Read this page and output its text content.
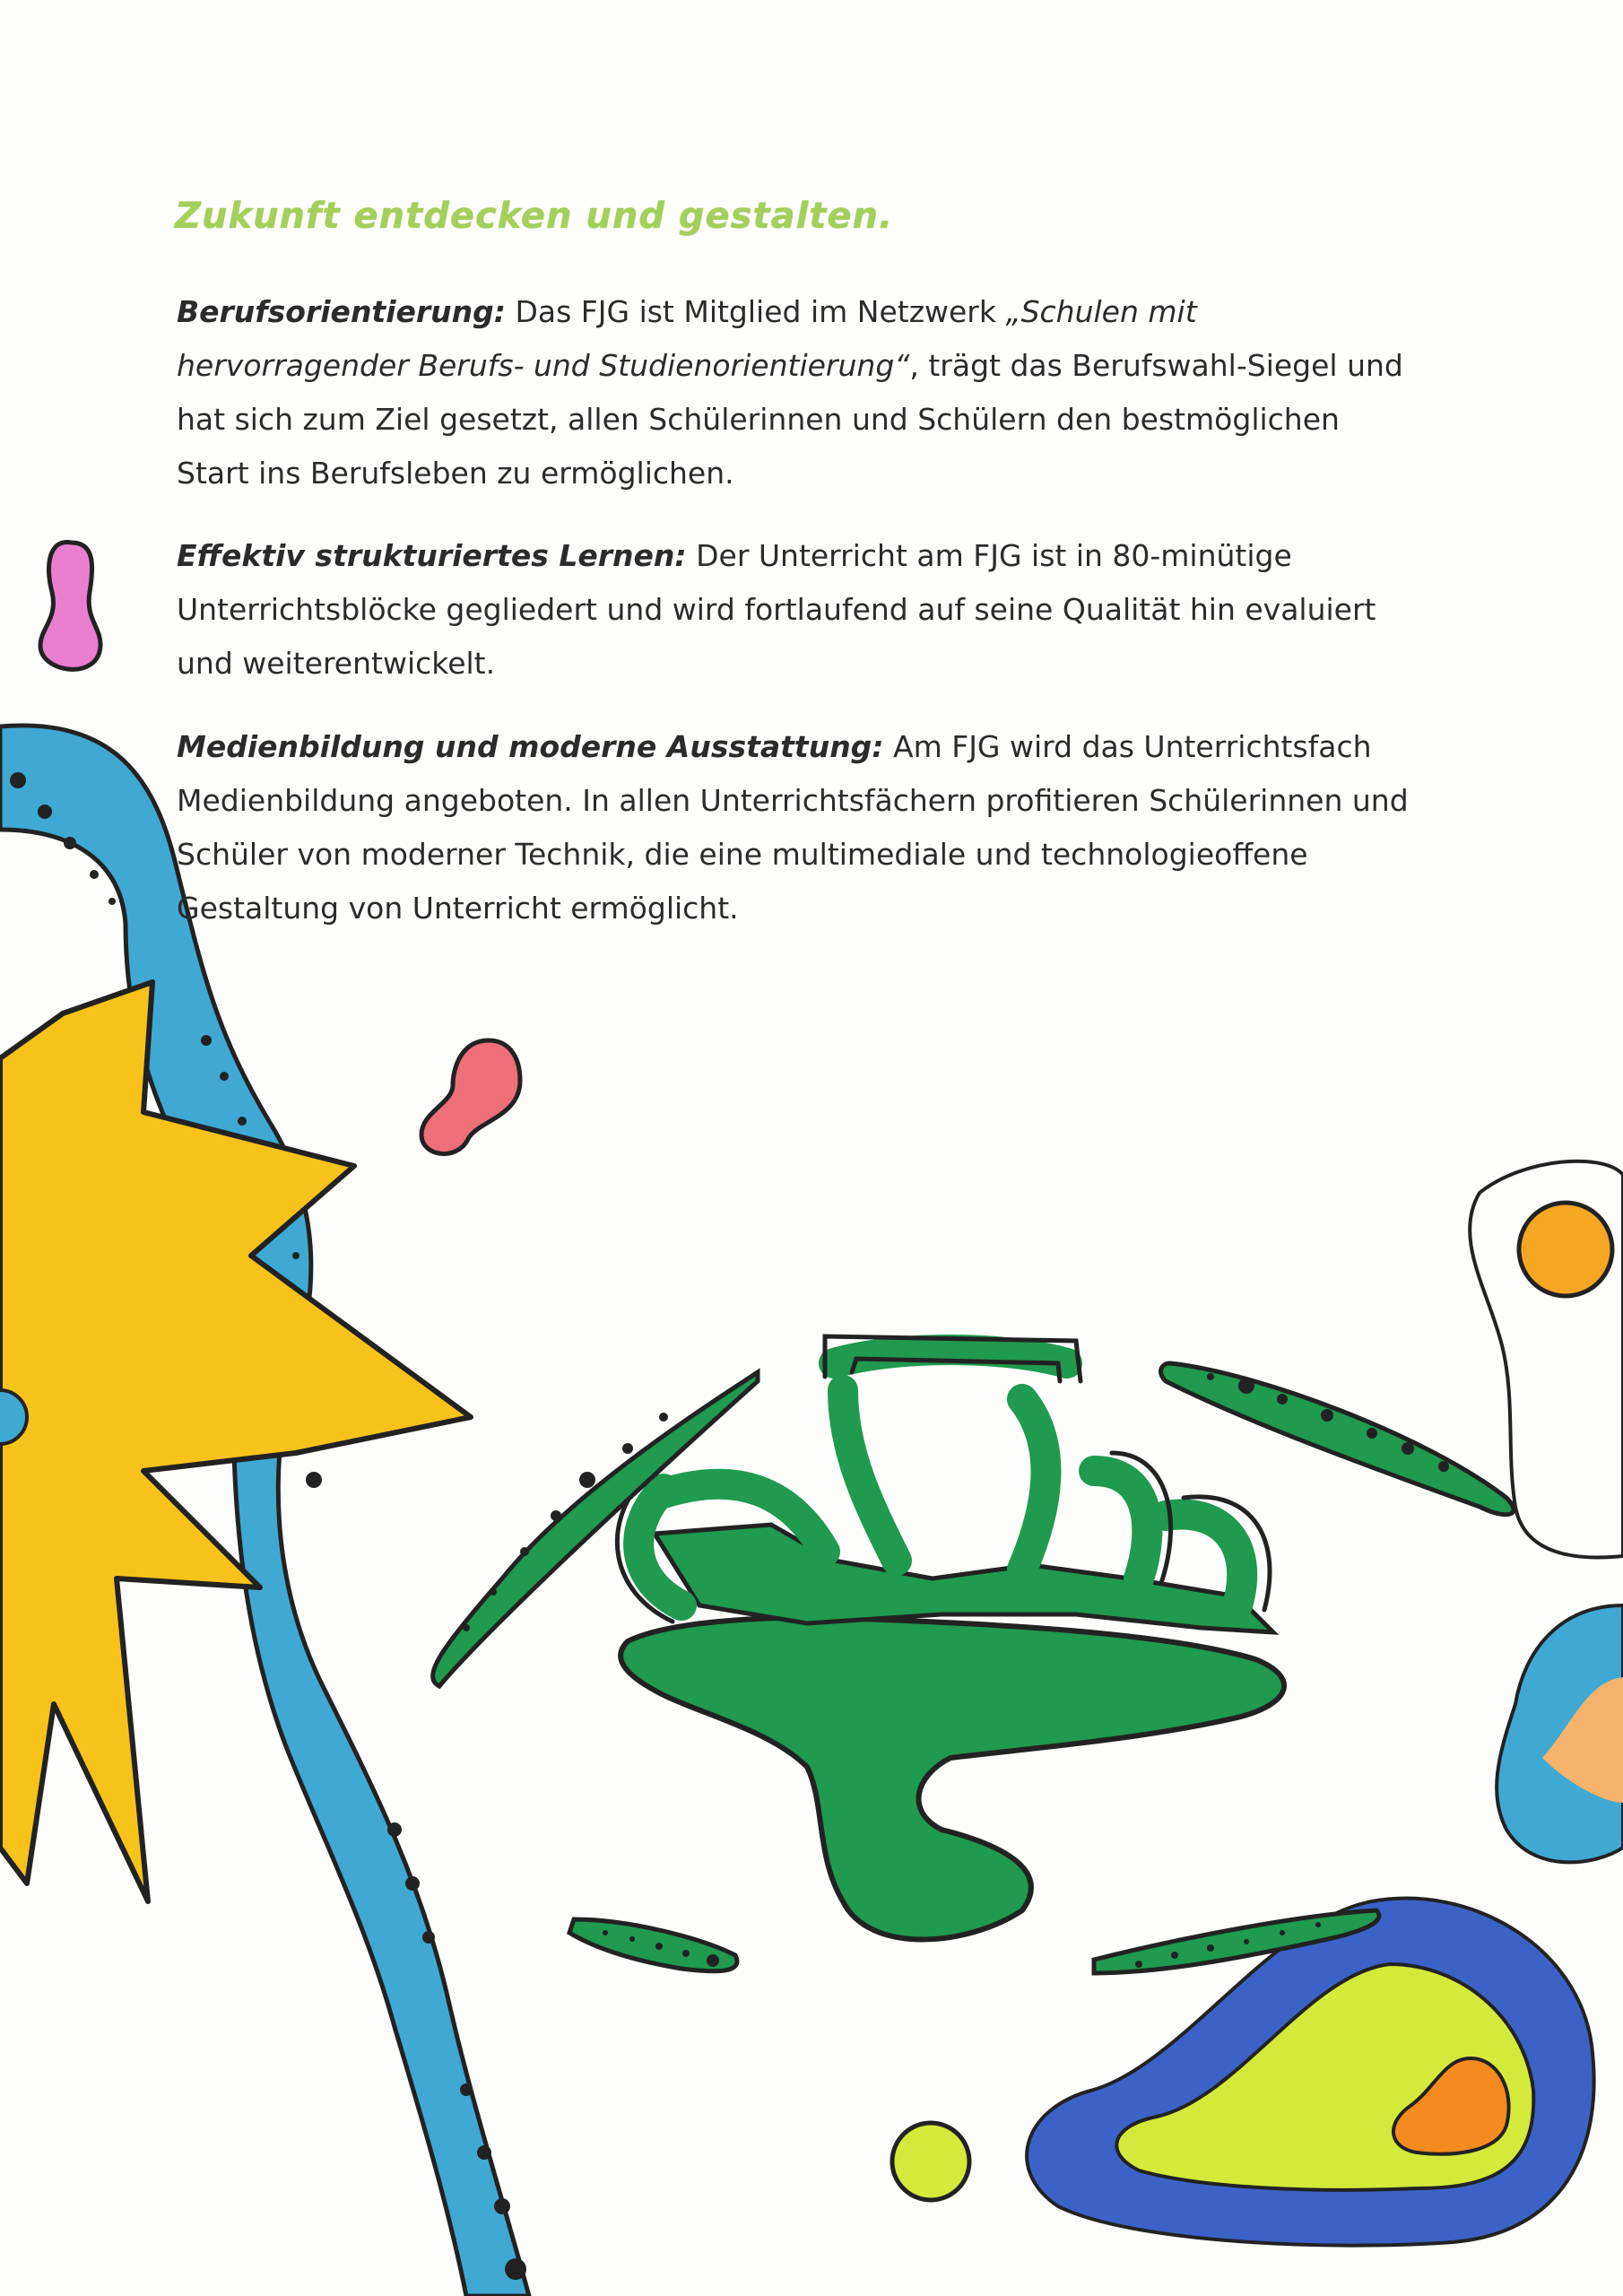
Zukunft entdecken und gestalten.
Berufsorientierung: Das FJG ist Mitglied im Netzwerk „Schulen mit hervorragender Berufs- und Studienorientierung“, trägt das Berufswahl-Siegel und hat sich zum Ziel gesetzt, allen Schülerinnen und Schülern den bestmöglichen Start ins Berufsleben zu ermöglichen.
Effektiv strukturiertes Lernen: Der Unterricht am FJG ist in 80-minütige Unterrichtsblöcke gegliedert und wird fortlaufend auf seine Qualität hin evaluiert und weiterentwickelt.
Medienbildung und moderne Ausstattung: Am FJG wird das Unterrichtsfach Medienbildung angeboten. In allen Unterrichtsfächern profitieren Schülerinnen und Schüler von moderner Technik, die eine multimediale und technologieoffene Gestaltung von Unterricht ermöglicht.
